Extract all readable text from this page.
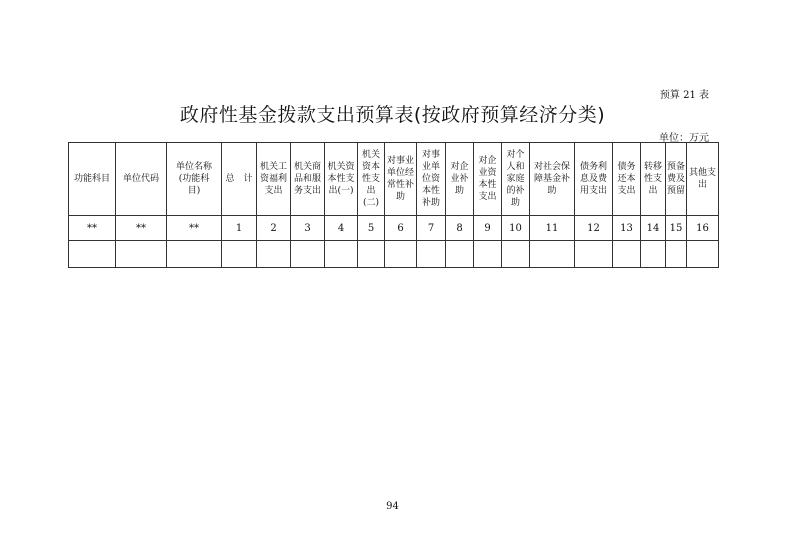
预算 21 表
政府性基金拨款支出预算表(按政府预算经济分类)
单位：万元
功能科目	单位代码	单位名称
(功能科
目)	总　计	机关工
资福利
支出	机关商
品和服
务支出	机关资
本性支
出(一)	机关
资本
性支
出
(二)	对事业
单位经
常性补
助	对事
业单
位资
本性
补助	对企
业补
助	对企
业资
本性
支出	对个
人和
家庭
的补
助	对社会保
障基金补
助	债务利
息及费
用支出	债务
还本
支出	转移
性支
出	预备
费及
预留	其他支
出
**	**	**	1	2	3	4	5	6	7	8	9	10	11	12	13	14	15	16

94
